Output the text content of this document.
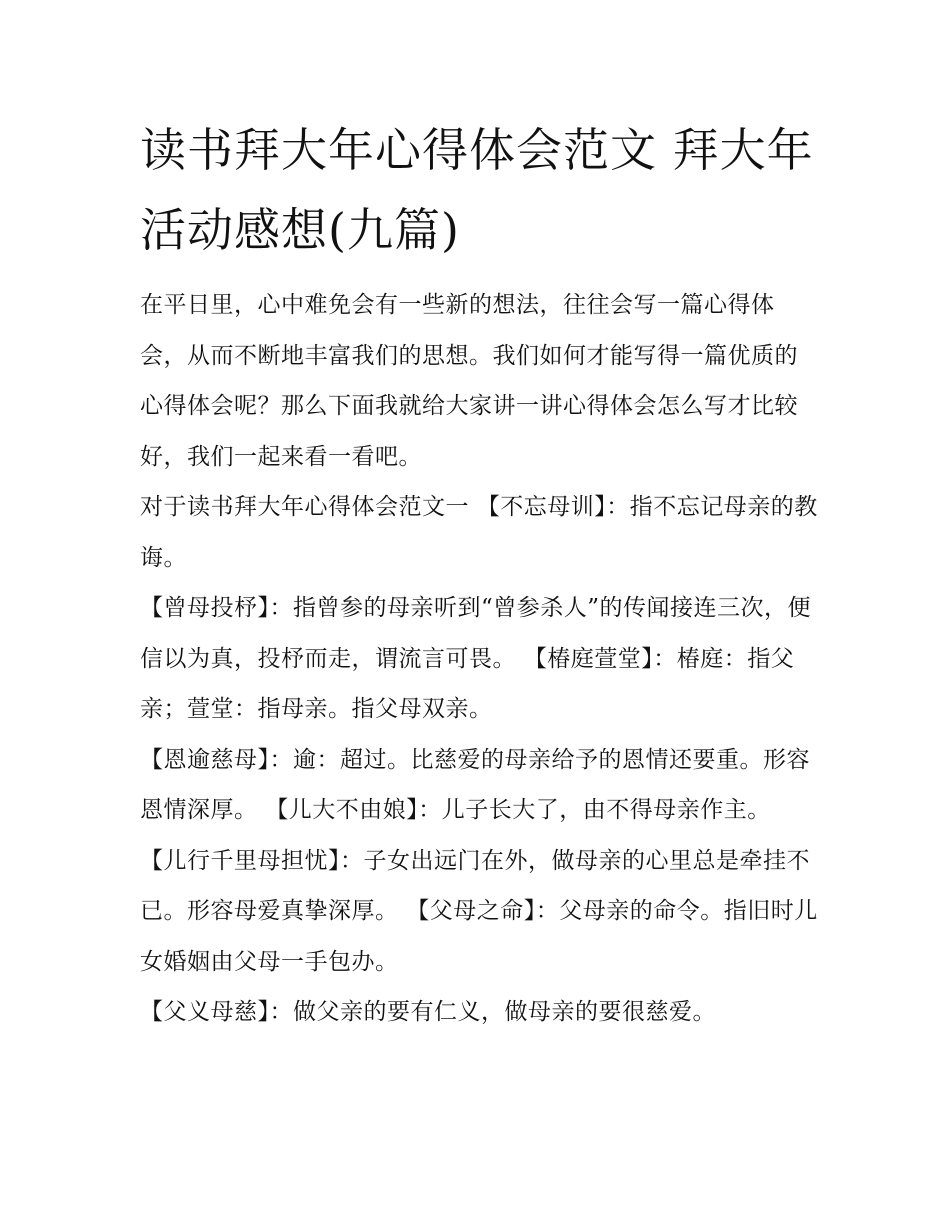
读书拜大年心得体会范文 拜大年活动感想(九篇)

在平日里，心中难免会有一些新的想法，往往会写一篇心得体会，从而不断地丰富我们的思想。我们如何才能写得一篇优质的心得体会呢？那么下面我就给大家讲一讲心得体会怎么写才比较好，我们一起来看一看吧。

对于读书拜大年心得体会范文一 【不忘母训】：指不忘记母亲的教诲。

【曾母投杼】：指曾参的母亲听到“曾参杀人”的传闻接连三次，便信以为真，投杼而走，谓流言可畏。 【椿庭萱堂】：椿庭：指父亲；萱堂：指母亲。指父母双亲。

【恩逾慈母】：逾：超过。比慈爱的母亲给予的恩情还要重。形容恩情深厚。 【儿大不由娘】：儿子长大了，由不得母亲作主。

【儿行千里母担忧】：子女出远门在外，做母亲的心里总是牵挂不已。形容母爱真挚深厚。 【父母之命】：父母亲的命令。指旧时儿女婚姻由父母一手包办。

【父义母慈】：做父亲的要有仁义，做母亲的要很慈爱。
